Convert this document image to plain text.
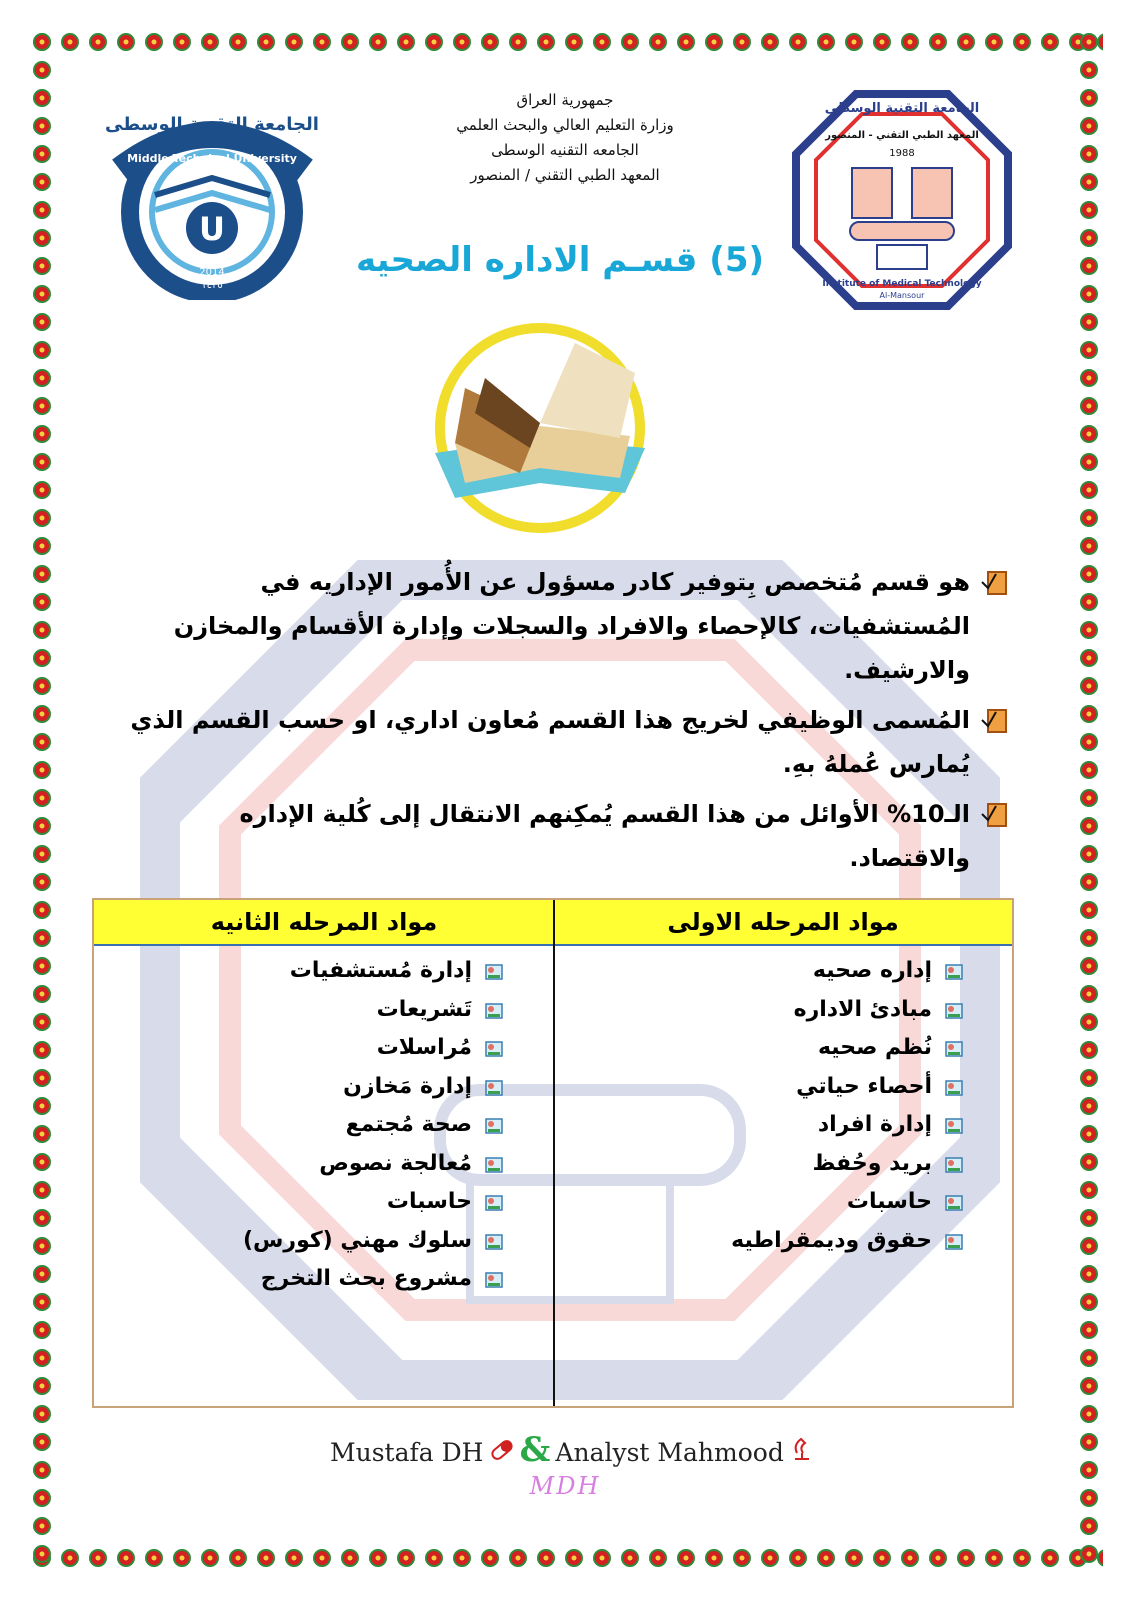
جمهورية العراق
وزارة التعليم العالي والبحث العلمي
الجامعه التقنيه الوسطى
المعهد الطبي التقني / المنصور
U
2014
١٤٣٥
الجامعة التقنية الوسطى
Middle Technical University
الجامعة التقنية الوسطى
المعهد الطبي التقني - المنصور
1988
Institute of Medical Technology
Al-Mansour
(5) قسـم الاداره الصحيه
هو قسم مُتخصص بِتوفير كادر مسؤول عن الأُمور الإداريه في المُستشفيات، كالإحصاء والافراد والسجلات وإدارة الأقسام والمخازن والارشيف.
المُسمى الوظيفي لخريج هذا القسم مُعاون اداري، او حسب القسم الذي يُمارس عُملهُ بهِ.
الـ10% الأوائل من هذا القسم يُمكِنهم الانتقال إلى كُلية الإداره والاقتصاد.
مواد المرحله الاولى
مواد المرحله الثانيه
إداره صحيه
مبادئ الاداره
نُظم صحيه
أحصاء حياتي
إدارة افراد
بريد وحُفظ
حاسبات
حقوق وديمقراطيه
إدارة مُستشفيات
تَشريعات
مُراسلات
إدارة مَخازن
صحة مُجتمع
مُعالجة نصوص
حاسبات
سلوك مهني (كورس)
مشروع بحث التخرج
Mustafa DH & Analyst Mahmood
MDH
